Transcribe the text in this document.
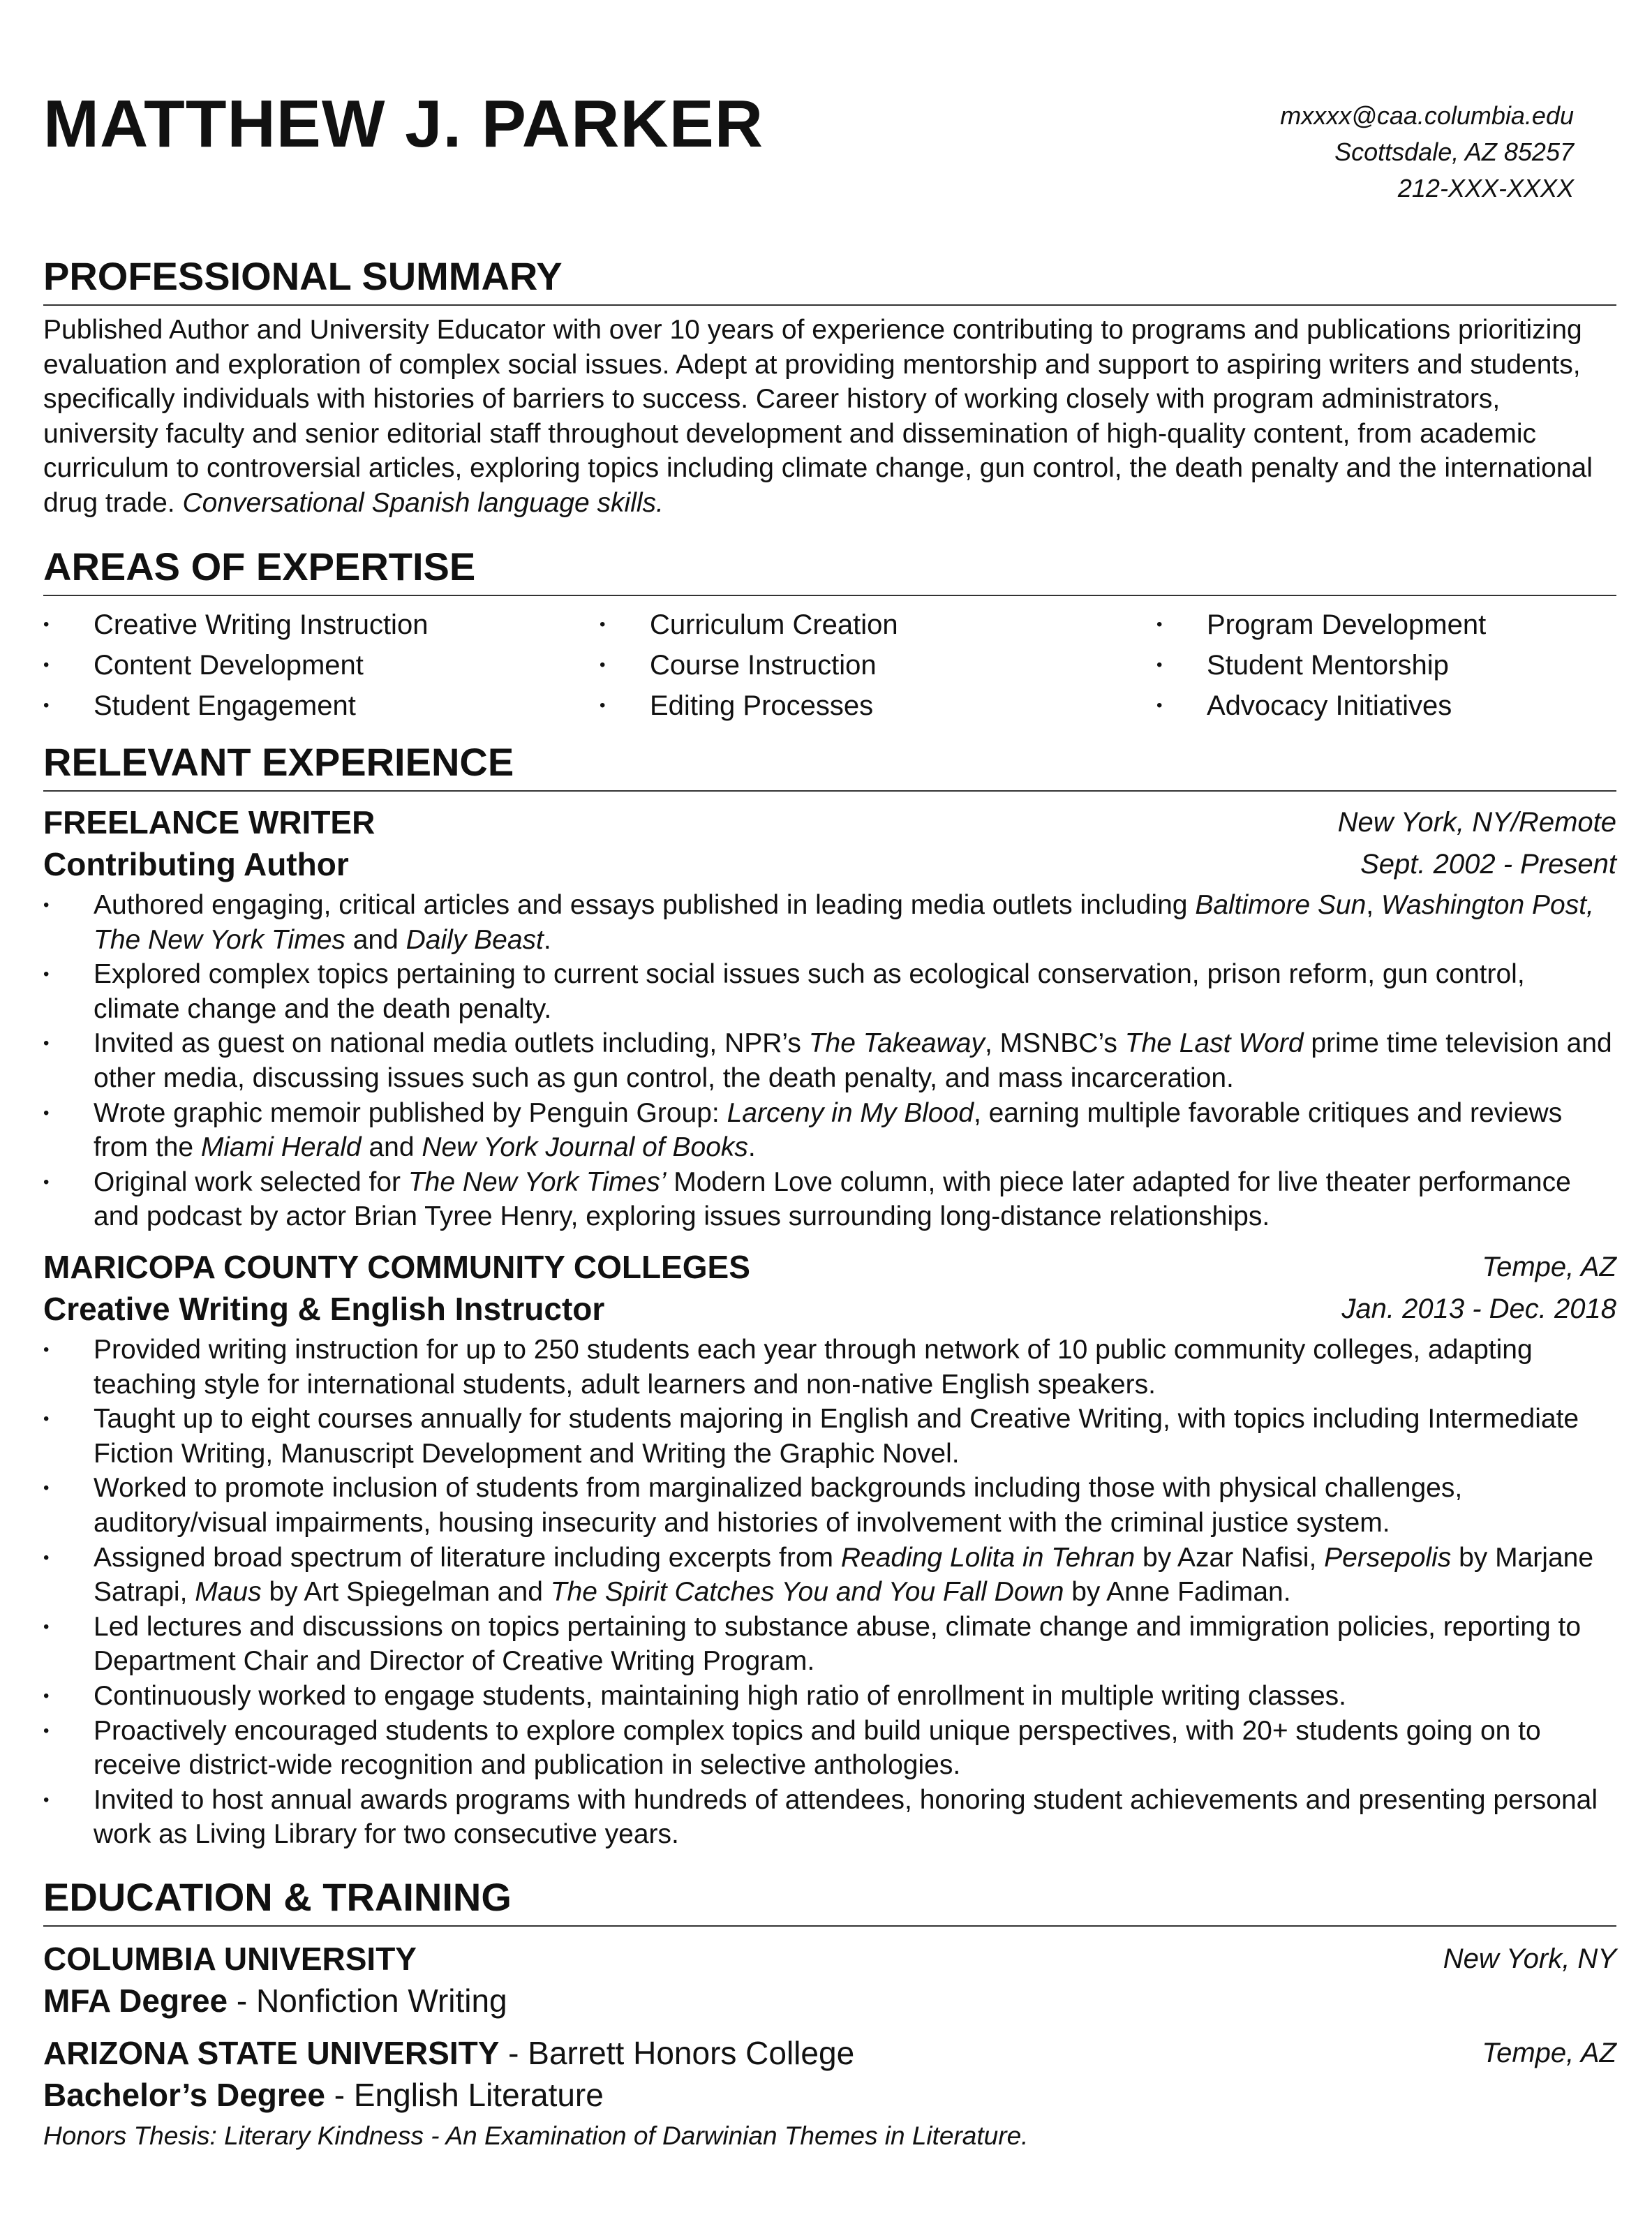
MATTHEW J. PARKER	mxxxx@caa.columbia.edu
Scottsdale, AZ 85257
212-XXX-XXXX
PROFESSIONAL SUMMARY
Published Author and University Educator with over 10 years of experience contributing to programs and publications prioritizing evaluation and exploration of complex social issues. Adept at providing mentorship and support to aspiring writers and students, specifically individuals with histories of barriers to success. Career history of working closely with program administrators, university faculty and senior editorial staff throughout development and dissemination of high-quality content, from academic curriculum to controversial articles, exploring topics including climate change, gun control, the death penalty and the international drug trade. Conversational Spanish language skills.
AREAS OF EXPERTISE
• Creative Writing Instruction
• Content Development
• Student Engagement
• Curriculum Creation
• Course Instruction
• Editing Processes
• Program Development
• Student Mentorship
• Advocacy Initiatives
RELEVANT EXPERIENCE
FREELANCE WRITER	New York, NY/Remote
Contributing Author	Sept. 2002 - Present
• Authored engaging, critical articles and essays published in leading media outlets including Baltimore Sun, Washington Post, The New York Times and Daily Beast.
• Explored complex topics pertaining to current social issues such as ecological conservation, prison reform, gun control, climate change and the death penalty.
• Invited as guest on national media outlets including, NPR’s The Takeaway, MSNBC’s The Last Word prime time television and other media, discussing issues such as gun control, the death penalty, and mass incarceration.
• Wrote graphic memoir published by Penguin Group: Larceny in My Blood, earning multiple favorable critiques and reviews from the Miami Herald and New York Journal of Books.
• Original work selected for The New York Times’ Modern Love column, with piece later adapted for live theater performance and podcast by actor Brian Tyree Henry, exploring issues surrounding long-distance relationships.
MARICOPA COUNTY COMMUNITY COLLEGES	Tempe, AZ
Creative Writing & English Instructor	Jan. 2013 - Dec. 2018
• Provided writing instruction for up to 250 students each year through network of 10 public community colleges, adapting teaching style for international students, adult learners and non-native English speakers.
• Taught up to eight courses annually for students majoring in English and Creative Writing, with topics including Intermediate Fiction Writing, Manuscript Development and Writing the Graphic Novel.
• Worked to promote inclusion of students from marginalized backgrounds including those with physical challenges, auditory/visual impairments, housing insecurity and histories of involvement with the criminal justice system.
• Assigned broad spectrum of literature including excerpts from Reading Lolita in Tehran by Azar Nafisi, Persepolis by Marjane Satrapi, Maus by Art Spiegelman and The Spirit Catches You and You Fall Down by Anne Fadiman.
• Led lectures and discussions on topics pertaining to substance abuse, climate change and immigration policies, reporting to Department Chair and Director of Creative Writing Program.
• Continuously worked to engage students, maintaining high ratio of enrollment in multiple writing classes.
• Proactively encouraged students to explore complex topics and build unique perspectives, with 20+ students going on to receive district-wide recognition and publication in selective anthologies.
• Invited to host annual awards programs with hundreds of attendees, honoring student achievements and presenting personal work as Living Library for two consecutive years.
EDUCATION & TRAINING
COLUMBIA UNIVERSITY	New York, NY
MFA Degree - Nonfiction Writing
ARIZONA STATE UNIVERSITY - Barrett Honors College	Tempe, AZ
Bachelor’s Degree - English Literature
Honors Thesis: Literary Kindness - An Examination of Darwinian Themes in Literature.
